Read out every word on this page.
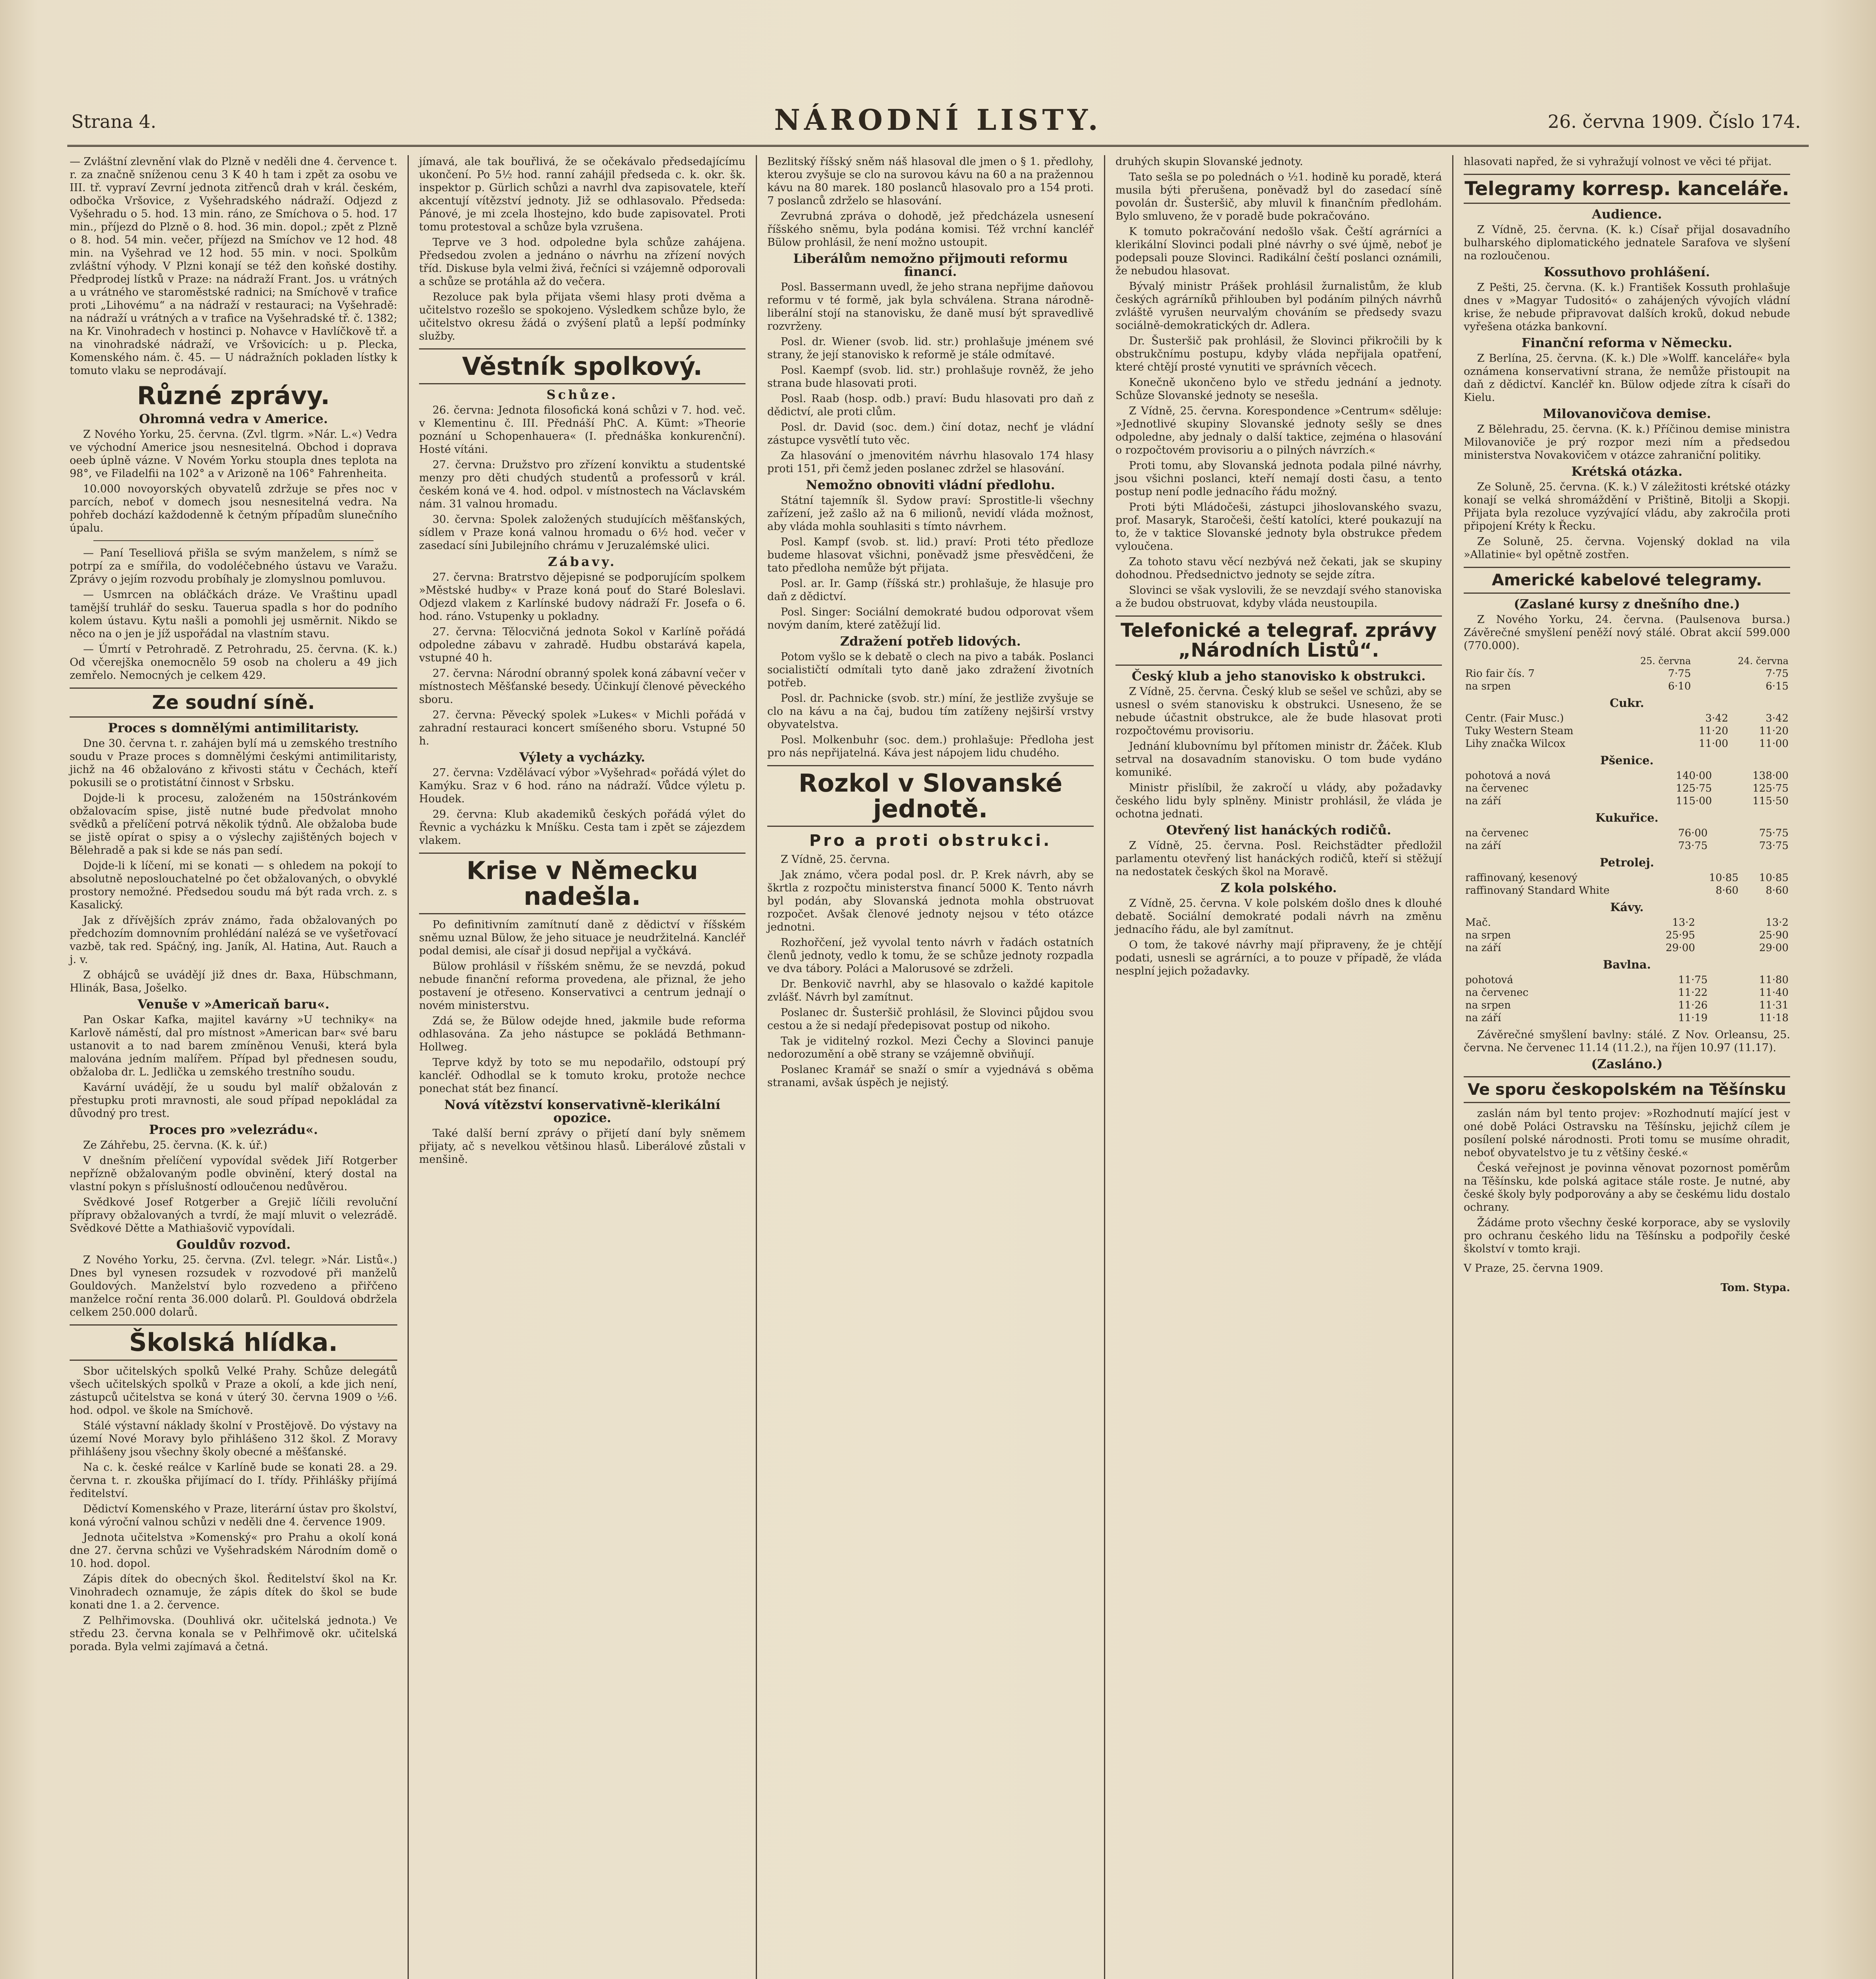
Strana 4.	NÁRODNÍ LISTY.	26. června 1909. Číslo 174.

— Zvláštní zlevnění vlak do Plzně v neděli dne 4. července t. r. za značně sníženou cenu 3 K 40 h tam i zpět za osobu ve III. tř. vypraví Zevrní jednota zitřenců drah v král. českém, odbočka Vršovice, z Vyšehradského nádraží. Odjezd z Vyšehradu o 5. hod. 13 min. ráno, ze Smíchova o 5. hod. 17 min., příjezd do Plzně o 8. hod. 36 min. dopol.; zpět z Plzně o 8. hod. 54 min. večer, příjezd na Smíchov ve 12 hod. 48 min. na Vyšehrad ve 12 hod. 55 min. v noci. Spolkům zvláštní výhody. V Plzni konají se též den koňské dostihy. Předprodej lístků v Praze: na nádraží Frant. Jos. u vrátných a u vrátného ve staroměstské radnici; na Smíchově v trafice proti „Lihovému“ a na nádraží v restauraci; na Vyšehradě: na nádraží u vrátných a v trafice na Vyšehradské tř. č. 1382; na Kr. Vinohradech v hostinci p. Nohavce v Havlíčkově tř. a na vinohradské nádraží, ve Vršovicích: u p. Plecka, Komenského nám. č. 45. — U nádražních pokladen lístky k tomuto vlaku se neprodávají.

Různé zprávy.
Ohromná vedra v Americe.

Z Nového Yorku, 25. června. (Zvl. tlgrm. »Nár. L.«) Vedra ve východní Americe jsou nesnesitelná. Obchod i doprava oeeb úplně vázne. V Novém Yorku stoupla dnes teplota na 98°, ve Filadelfii na 102° a v Arizoně na 106° Fahrenheita.

10.000 novoyorských obyvatelů zdržuje se přes noc v parcích, neboť v domech jsou nesnesitelná vedra. Na pohřeb dochází každodenně k četným případům slunečního úpalu.

— Paní Teselliová přišla se svým manželem, s nímž se potrpí za e smířila, do vodoléčebného ústavu ve Varažu. Zprávy o jejím rozvodu probíhaly je zlomyslnou pomluvou.

— Usmrcen na obláčkách dráze. Ve Vraštinu upadl tamější truhlář do sesku. Tauerua spadla s hor do podního kolem ústavu. Kytu našli a pomohli jej usměrnit. Nikdo se něco na o jen je jíž uspořádal na vlastním stavu.

— Úmrtí v Petrohradě. Z Petrohradu, 25. června. (K. k.) Od včerejška onemocnělo 59 osob na choleru a 49 jich zemřelo. Nemocných je celkem 429.

Ze soudní síně.
Proces s domnělými antimilitaristy.

Dne 30. června t. r. zahájen bylí má u zemského trestního soudu v Praze proces s domnělými českými antimilitaristy, jichž na 46 obžalováno z křivosti státu v Čechách, kteří pokusili se o protistátní činnost v Srbsku.

Dojde-li k procesu, založeném na 150stránkovém obžalovacím spise, jistě nutné bude předvolat mnoho svědků a přelíčení potrvá několik týdnů. Ale obžaloba bude se jistě opírat o spisy a o výslechy zajištěných bojech v Bělehradě a pak si kde se nás pan sedí.

Dojde-li k líčení, mi se konati — s ohledem na pokojí to absolutně neposlouchatelné po čet obžalovaných, o obvyklé prostory nemožné. Předsedou soudu má být rada vrch. z. s Kasalický.

Jak z dřívějších zpráv známo, řada obžalovaných po předchozím domnovním prohlédání nalézá se ve vyšetřovací vazbě, tak red. Spáčný, ing. Janík, Al. Hatina, Aut. Rauch a j. v.

Z obhájců se uvádějí již dnes dr. Baxa, Hübschmann, Hlinák, Basa, Jošelko.

Venuše v »Americaň baru«.

Pan Oskar Kafka, majitel kavárny »U techniky« na Karlově náměstí, dal pro místnost »American bar« své baru ustanovit a to nad barem zmíněnou Venuši, která byla malována jedním malířem. Případ byl přednesen soudu, obžaloba dr. L. Jedlička u zemského trestního soudu.

Kavární uvádějí, že u soudu byl malíř obžalován z přestupku proti mravnosti, ale soud případ nepokládal za důvodný pro trest.

Proces pro »velezrádu«.

Ze Záhřebu, 25. června. (K. k. úř.)

V dnešním přelíčení vypovídal svědek Jiří Rotgerber nepřízně obžalovaným podle obvinění, který dostal na vlastní pokyn s příslušností odloučenou nedůvěrou.

Svědkové Josef Rotgerber a Grejič líčili revoluční přípravy obžalovaných a tvrdí, že mají mluvit o velezrádě. Svědkové Dětte a Mathiašovič vypovídali.

Gouldův rozvod.

Z Nového Yorku, 25. června. (Zvl. telegr. »Nár. Listů«.) Dnes byl vynesen rozsudek v rozvodové při manželů Gouldových. Manželství bylo rozvedeno a přiřčeno manželce roční renta 36.000 dolarů. Pl. Gouldová obdržela celkem 250.000 dolarů.

Školská hlídka.

Sbor učitelských spolků Velké Prahy. Schůze delegátů všech učitelských spolků v Praze a okolí, a kde jich není, zástupců učitelstva se koná v úterý 30. června 1909 o ½6. hod. odpol. ve škole na Smíchově.

Stálé výstavní náklady školní v Prostějově. Do výstavy na území Nové Moravy bylo přihlášeno 312 škol. Z Moravy přihlášeny jsou všechny školy obecné a měšťanské.

Na c. k. české reálce v Karlíně bude se konati 28. a 29. června t. r. zkouška přijímací do I. třídy. Přihlášky přijímá ředitelství.

Dědictví Komenského v Praze, literární ústav pro školství, koná výroční valnou schůzi v neděli dne 4. července 1909.

Jednota učitelstva »Komenský« pro Prahu a okolí koná dne 27. června schůzi ve Vyšehradském Národním domě o 10. hod. dopol.

Zápis dítek do obecných škol. Ředitelství škol na Kr. Vinohradech oznamuje, že zápis dítek do škol se bude konati dne 1. a 2. července.

Z Pelhřimovska. (Douhlivá okr. učitelská jednota.) Ve středu 23. června konala se v Pelhřimově okr. učitelská porada. Byla velmi zajímavá a četná.

jímavá, ale tak bouřlivá, že se očekávalo předsedajícímu ukončení. Po 5½ hod. ranní zahájil předseda c. k. okr. šk. inspektor p. Gürlich schůzi a navrhl dva zapisovatele, kteří akcentují vítězství jednoty. Již se odhlasovalo. Předseda: Pánové, je mi zcela lhostejno, kdo bude zapisovatel. Proti tomu protestoval a schůze byla vzrušena.

Teprve ve 3 hod. odpoledne byla schůze zahájena. Předsedou zvolen a jednáno o návrhu na zřízení nových tříd. Diskuse byla velmi živá, řečníci si vzájemně odporovali a schůze se protáhla až do večera.

Rezoluce pak byla přijata všemi hlasy proti dvěma a učitelstvo rozešlo se spokojeno. Výsledkem schůze bylo, že učitelstvo okresu žádá o zvýšení platů a lepší podmínky služby.

Věstník spolkový.
Schůze.

26. června: Jednota filosofická koná schůzi v 7. hod. več. v Klementinu č. III. Přednáší PhC. A. Kümt: »Theorie poznání u Schopenhauera« (I. přednáška konkurenční). Hosté vítáni.

27. června: Družstvo pro zřízení konviktu a studentské menzy pro děti chudých studentů a professorů v král. českém koná ve 4. hod. odpol. v místnostech na Václavském nám. 31 valnou hromadu.

30. června: Spolek založených studujících měšťanských, sídlem v Praze koná valnou hromadu o 6½ hod. večer v zasedací síni Jubilejního chrámu v Jeruzalémské ulici.

Zábavy.

27. června: Bratrstvo dějepisné se podporujícím spolkem »Městské hudby« v Praze koná pouť do Staré Boleslavi. Odjezd vlakem z Karlínské budovy nádraží Fr. Josefa o 6. hod. ráno. Vstupenky u pokladny.

27. června: Tělocvičná jednota Sokol v Karlíně pořádá odpoledne zábavu v zahradě. Hudbu obstarává kapela, vstupné 40 h.

27. června: Národní obranný spolek koná zábavní večer v místnostech Měšťanské besedy. Účinkují členové pěveckého sboru.

27. června: Pěvecký spolek »Lukes« v Michli pořádá v zahradní restauraci koncert smíšeného sboru. Vstupné 50 h.

Výlety a vycházky.

27. června: Vzdělávací výbor »Vyšehrad« pořádá výlet do Kamýku. Sraz v 6 hod. ráno na nádraží. Vůdce výletu p. Houdek.

29. června: Klub akademiků českých pořádá výlet do Řevnic a vycházku k Mníšku. Cesta tam i zpět se zájezdem vlakem.

Krise v Německu nadešla.

Po definitivním zamítnutí daně z dědictví v říšském sněmu uznal Bülow, že jeho situace je neudržitelná. Kancléř podal demisi, ale císař ji dosud nepřijal a vyčkává.

Bülow prohlásil v říšském sněmu, že se nevzdá, pokud nebude finanční reforma provedena, ale přiznal, že jeho postavení je otřeseno. Konservativci a centrum jednají o novém ministerstvu.

Zdá se, že Bülow odejde hned, jakmile bude reforma odhlasována. Za jeho nástupce se pokládá Bethmann-Hollweg.

Teprve když by toto se mu nepodařilo, odstoupí prý kancléř. Odhodlal se k tomuto kroku, protože nechce ponechat stát bez financí.

Nová vítězství konservativně-klerikální opozice.

Také další berní zprávy o přijetí daní byly sněmem přijaty, ač s nevelkou většinou hlasů. Liberálové zůstali v menšině.

Bezlitský říšský sněm náš hlasoval dle jmen o § 1. předlohy, kterou zvyšuje se clo na surovou kávu na 60 a na pražennou kávu na 80 marek. 180 poslanců hlasovalo pro a 154 proti. 7 poslanců zdrželo se hlasování.

Zevrubná zpráva o dohodě, jež předcházela usnesení říšského sněmu, byla podána komisi. Též vrchní kancléř Bülow prohlásil, že není možno ustoupit.

Liberálům nemožno přijmouti reformu financí.

Posl. Bassermann uvedl, že jeho strana nepřijme daňovou reformu v té formě, jak byla schválena. Strana národně-liberální stojí na stanovisku, že daně musí být spravedlivě rozvrženy.

Posl. dr. Wiener (svob. lid. str.) prohlašuje jménem své strany, že její stanovisko k reformě je stále odmítavé.

Posl. Kaempf (svob. lid. str.) prohlašuje rovněž, že jeho strana bude hlasovati proti.

Posl. Raab (hosp. odb.) praví: Budu hlasovati pro daň z dědictví, ale proti clům.

Posl. dr. David (soc. dem.) činí dotaz, nechť je vládní zástupce vysvětlí tuto věc.

Za hlasování o jmenovitém návrhu hlasovalo 174 hlasy proti 151, při čemž jeden poslanec zdržel se hlasování.

Nemožno obnoviti vládní předlohu.

Státní tajemník šl. Sydow praví: Sprostitle-li všechny zařízení, jež zašlo až na 6 milionů, nevidí vláda možnost, aby vláda mohla souhlasiti s tímto návrhem.

Posl. Kampf (svob. st. lid.) praví: Proti této předloze budeme hlasovat všichni, poněvadž jsme přesvědčeni, že tato předloha nemůže být přijata.

Posl. ar. Ir. Gamp (říšská str.) prohlašuje, že hlasuje pro daň z dědictví.

Posl. Singer: Sociální demokraté budou odporovat všem novým daním, které zatěžují lid.

Zdražení potřeb lidových.

Potom vyšlo se k debatě o clech na pivo a tabák. Poslanci socialističtí odmítali tyto daně jako zdražení životních potřeb.

Posl. dr. Pachnicke (svob. str.) míní, že jestliže zvyšuje se clo na kávu a na čaj, budou tím zatíženy nejširší vrstvy obyvatelstva.

Posl. Molkenbuhr (soc. dem.) prohlašuje: Předloha jest pro nás nepřijatelná. Káva jest nápojem lidu chudého.

Rozkol v Slovanské jednotě.
Pro a proti obstrukci.

Z Vídně, 25. června.

Jak známo, včera podal posl. dr. P. Krek návrh, aby se škrtla z rozpočtu ministerstva financí 5000 K. Tento návrh byl podán, aby Slovanská jednota mohla obstruovat rozpočet. Avšak členové jednoty nejsou v této otázce jednotni.

Rozhořčení, jež vyvolal tento návrh v řadách ostatních členů jednoty, vedlo k tomu, že se schůze jednoty rozpadla ve dva tábory. Poláci a Malorusové se zdrželi.

Dr. Benkovič navrhl, aby se hlasovalo o každé kapitole zvlášť. Návrh byl zamítnut.

Poslanec dr. Šusteršič prohlásil, že Slovinci půjdou svou cestou a že si nedají předepisovat postup od nikoho.

Tak je viditelný rozkol. Mezi Čechy a Slovinci panuje nedorozumění a obě strany se vzájemně obviňují.

Poslanec Kramář se snaží o smír a vyjednává s oběma stranami, avšak úspěch je nejistý.

druhých skupin Slovanské jednoty.

Tato sešla se po polednách o ½1. hodině ku poradě, která musila býti přerušena, poněvadž byl do zasedací síně povolán dr. Šusteršič, aby mluvil k finančním předlohám. Bylo smluveno, že v poradě bude pokračováno.

K tomuto pokračování nedošlo však. Čeští agrárníci a klerikální Slovinci podali plné návrhy o své újmě, neboť je podepsali pouze Slovinci. Radikální čeští poslanci oznámili, že nebudou hlasovat.

Bývalý ministr Prášek prohlásil žurnalistům, že klub českých agrárníků přihlouben byl podáním pilných návrhů zvláště vyrušen neurvalým chováním se předsedy svazu sociálně-demokratických dr. Adlera.

Dr. Šusteršič pak prohlásil, že Slovinci přikročili by k obstrukčnímu postupu, kdyby vláda nepřijala opatření, které chtějí prosté vynutiti ve správních věcech.

Konečně ukončeno bylo ve středu jednání a jednoty. Schůze Slovanské jednoty se nesešla.

Z Vídně, 25. června. Korespondence »Centrum« sděluje: »Jednotlivé skupiny Slovanské jednoty sešly se dnes odpoledne, aby jednaly o další taktice, zejména o hlasování o rozpočtovém provisoriu a o pilných návrzích.«

Proti tomu, aby Slovanská jednota podala pilné návrhy, jsou všichni poslanci, kteří nemají dosti času, a tento postup není podle jednacího řádu možný.

Proti býti Mládočeši, zástupci jihoslovanského svazu, prof. Masaryk, Staročeši, čeští katolíci, které poukazují na to, že v taktice Slovanské jednoty byla obstrukce předem vyloučena.

Za tohoto stavu věcí nezbývá než čekati, jak se skupiny dohodnou. Předsednictvo jednoty se sejde zítra.

Slovinci se však vyslovili, že se nevzdají svého stanoviska a že budou obstruovat, kdyby vláda neustoupila.

Telefonické a telegraf. zprávy „Národních Listů“.
Český klub a jeho stanovisko k obstrukci.

Z Vídně, 25. června. Český klub se sešel ve schůzi, aby se usnesl o svém stanovisku k obstrukci. Usneseno, že se nebude účastnit obstrukce, ale že bude hlasovat proti rozpočtovému provisoriu.

Jednání klubovnímu byl přítomen ministr dr. Žáček. Klub setrval na dosavadním stanovisku. O tom bude vydáno komuniké.

Ministr přislíbil, že zakročí u vlády, aby požadavky českého lidu byly splněny. Ministr prohlásil, že vláda je ochotna jednati.

Otevřený list hanáckých rodičů.

Z Vídně, 25. června. Posl. Reichstädter předložil parlamentu otevřený list hanáckých rodičů, kteří si stěžují na nedostatek českých škol na Moravě.

Z kola polského.

Z Vídně, 25. června. V kole polském došlo dnes k dlouhé debatě. Sociální demokraté podali návrh na změnu jednacího řádu, ale byl zamítnut.

O tom, že takové návrhy mají připraveny, že je chtějí podati, usnesli se agrárníci, a to pouze v případě, že vláda nesplní jejich požadavky.

hlasovati napřed, že si vyhražují volnost ve věci té přijat.

Telegramy korresp. kanceláře.
Audience.

Z Vídně, 25. června. (K. k.) Císař přijal dosavadního bulharského diplomatického jednatele Sarafova ve slyšení na rozloučenou.

Kossuthovo prohlášení.

Z Pešti, 25. června. (K. k.) František Kossuth prohlašuje dnes v »Magyar Tudositó« o zahájených vývojích vládní krise, že nebude připravovat dalších kroků, dokud nebude vyřešena otázka bankovní.

Finanční reforma v Německu.

Z Berlína, 25. června. (K. k.) Dle »Wolff. kanceláře« byla oznámena konservativní strana, že nemůže přistoupit na daň z dědictví. Kancléř kn. Bülow odjede zítra k císaři do Kielu.

Milovanovičova demise.

Z Bělehradu, 25. června. (K. k.) Příčinou demise ministra Milovanoviče je prý rozpor mezi ním a předsedou ministerstva Novakovičem v otázce zahraniční politiky.

Krétská otázka.

Ze Soluně, 25. června. (K. k.) V záležitosti krétské otázky konají se velká shromáždění v Prištině, Bitolji a Skopji. Přijata byla rezoluce vyzývající vládu, aby zakročila proti připojení Kréty k Řecku.

Ze Soluně, 25. června. Vojenský doklad na vila »Allatinie« byl opětně zostřen.

Americké kabelové telegramy.
(Zaslané kursy z dnešního dne.)

Z Nového Yorku, 24. června. (Paulsenova bursa.) Závěrečné smyšlení peněží nový stálé. Obrat akcií 599.000 (770.000).

	25. června	24. června
Rio fair čís. 7	7·75	7·75
na srpen	6·10	6·15
Cukr.
Centr. (Fair Musc.)	3·42	3·42
Tuky Western Steam	11·20	11·20
Lihy značka Wilcox	11·00	11·00
Pšenice.
pohotová a nová	140·00	138·00
na červenec	125·75	125·75
na září	115·00	115·50
Kukuřice.
na červenec	76·00	75·75
na září	73·75	73·75
Petrolej.
raffinovaný, kesenový	10·85	10·85
raffinovaný Standard White	8·60	8·60
Kávy.
Mač.	13·2	13·2
na srpen	25·95	25·90
na září	29·00	29·00
Bavlna.
pohotová	11·75	11·80
na červenec	11·22	11·40
na srpen	11·26	11·31
na září	11·19	11·18

Závěrečné smyšlení bavlny: stálé. Z Nov. Orleansu, 25. června. Ne červenec 11.14 (11.2.), na říjen 10.97 (11.17).

(Zasláno.)
Ve sporu českopolském na Těšínsku

zaslán nám byl tento projev: »Rozhodnutí mající jest v oné době Poláci Ostravsku na Těšínsku, jejichž cílem je posílení polské národnosti. Proti tomu se musíme ohradit, neboť obyvatelstvo je tu z většiny české.«

Česká veřejnost je povinna věnovat pozornost poměrům na Těšínsku, kde polská agitace stále roste. Je nutné, aby české školy byly podporovány a aby se českému lidu dostalo ochrany.

Žádáme proto všechny české korporace, aby se vyslovily pro ochranu českého lidu na Těšínsku a podpořily české školství v tomto kraji.

V Praze, 25. června 1909.
Tom. Stypa.
